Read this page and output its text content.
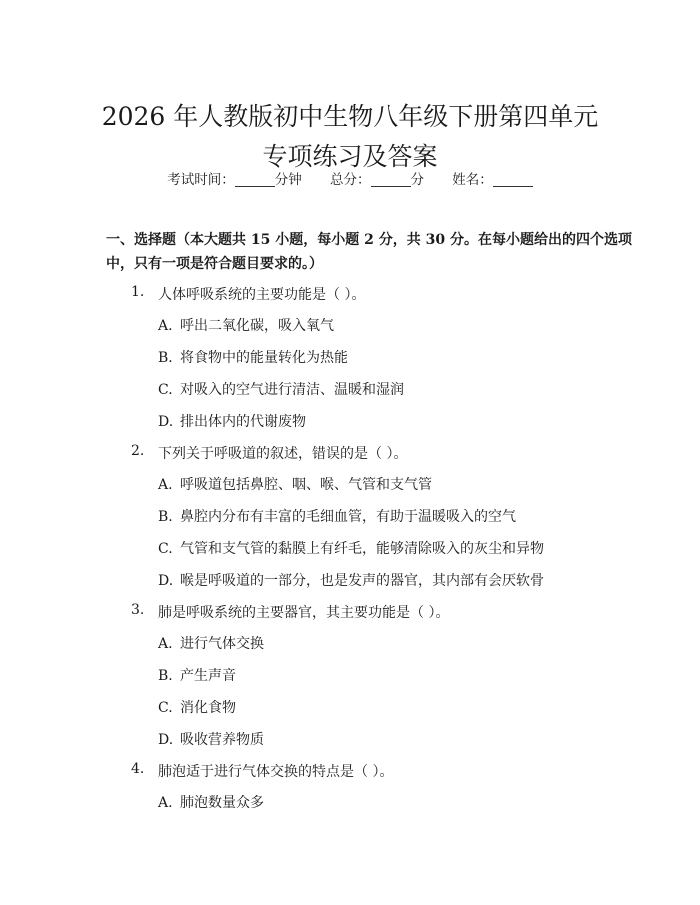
2026 年人教版初中生物八年级下册第四单元
专项练习及答案
考试时间：	分钟 总分：	分 姓名：
一、选择题（本大题共 15 小题，每小题 2 分，共 30 分。在每小题给出的四个选项中，只有一项是符合题目要求的。）
1. 人体呼吸系统的主要功能是（ ）。
A. 呼出二氧化碳，吸入氧气
B. 将食物中的能量转化为热能
C. 对吸入的空气进行清洁、温暖和湿润
D. 排出体内的代谢废物
2. 下列关于呼吸道的叙述，错误的是（ ）。
A. 呼吸道包括鼻腔、咽、喉、气管和支气管
B. 鼻腔内分布有丰富的毛细血管，有助于温暖吸入的空气
C. 气管和支气管的黏膜上有纤毛，能够清除吸入的灰尘和异物
D. 喉是呼吸道的一部分，也是发声的器官，其内部有会厌软骨
3. 肺是呼吸系统的主要器官，其主要功能是（ ）。
A. 进行气体交换
B. 产生声音
C. 消化食物
D. 吸收营养物质
4. 肺泡适于进行气体交换的特点是（ ）。
A. 肺泡数量众多
